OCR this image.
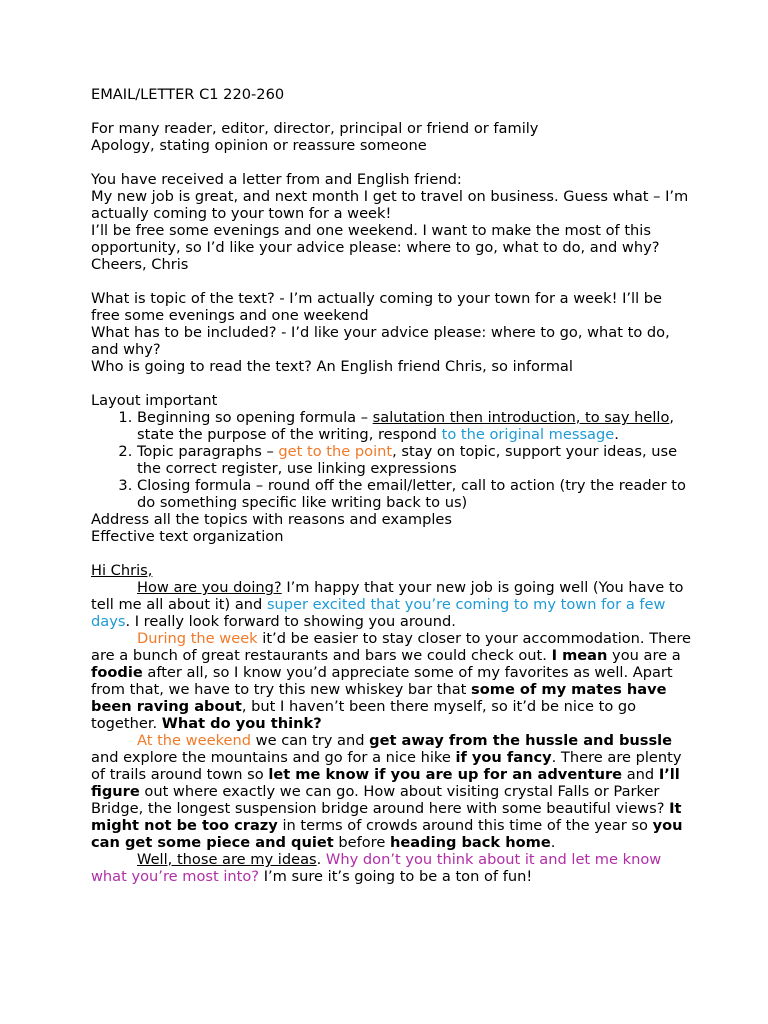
EMAIL/LETTER C1 220-260

For many reader, editor, director, principal or friend or family

Apology, stating opinion or reassure someone

You have received a letter from and English friend:

My new job is great, and next month I get to travel on business. Guess what – I’m actually coming to your town for a week!

I’ll be free some evenings and one weekend. I want to make the most of this opportunity, so I’d like your advice please: where to go, what to do, and why?

Cheers, Chris

What is topic of the text? - I’m actually coming to your town for a week! I’ll be free some evenings and one weekend

What has to be included? - I’d like your advice please: where to go, what to do, and why?

Who is going to read the text? An English friend Chris, so informal

Layout important

1. Beginning so opening formula – salutation then introduction, to say hello, state the purpose of the writing, respond to the original message.
2. Topic paragraphs – get to the point, stay on topic, support your ideas, use the correct register, use linking expressions
3. Closing formula – round off the email/letter, call to action (try the reader to do something specific like writing back to us)

Address all the topics with reasons and examples

Effective text organization

Hi Chris,

How are you doing? I’m happy that your new job is going well (You have to tell me all about it) and super excited that you’re coming to my town for a few days. I really look forward to showing you around.

During the week it’d be easier to stay closer to your accommodation. There are a bunch of great restaurants and bars we could check out. I mean you are a foodie after all, so I know you’d appreciate some of my favorites as well. Apart from that, we have to try this new whiskey bar that some of my mates have been raving about, but I haven’t been there myself, so it’d be nice to go together. What do you think?

At the weekend we can try and get away from the hussle and bussle and explore the mountains and go for a nice hike if you fancy. There are plenty of trails around town so let me know if you are up for an adventure and I’ll figure out where exactly we can go. How about visiting crystal Falls or Parker Bridge, the longest suspension bridge around here with some beautiful views? It might not be too crazy in terms of crowds around this time of the year so you can get some piece and quiet before heading back home.

Well, those are my ideas. Why don’t you think about it and let me know what you’re most into? I’m sure it’s going to be a ton of fun!
